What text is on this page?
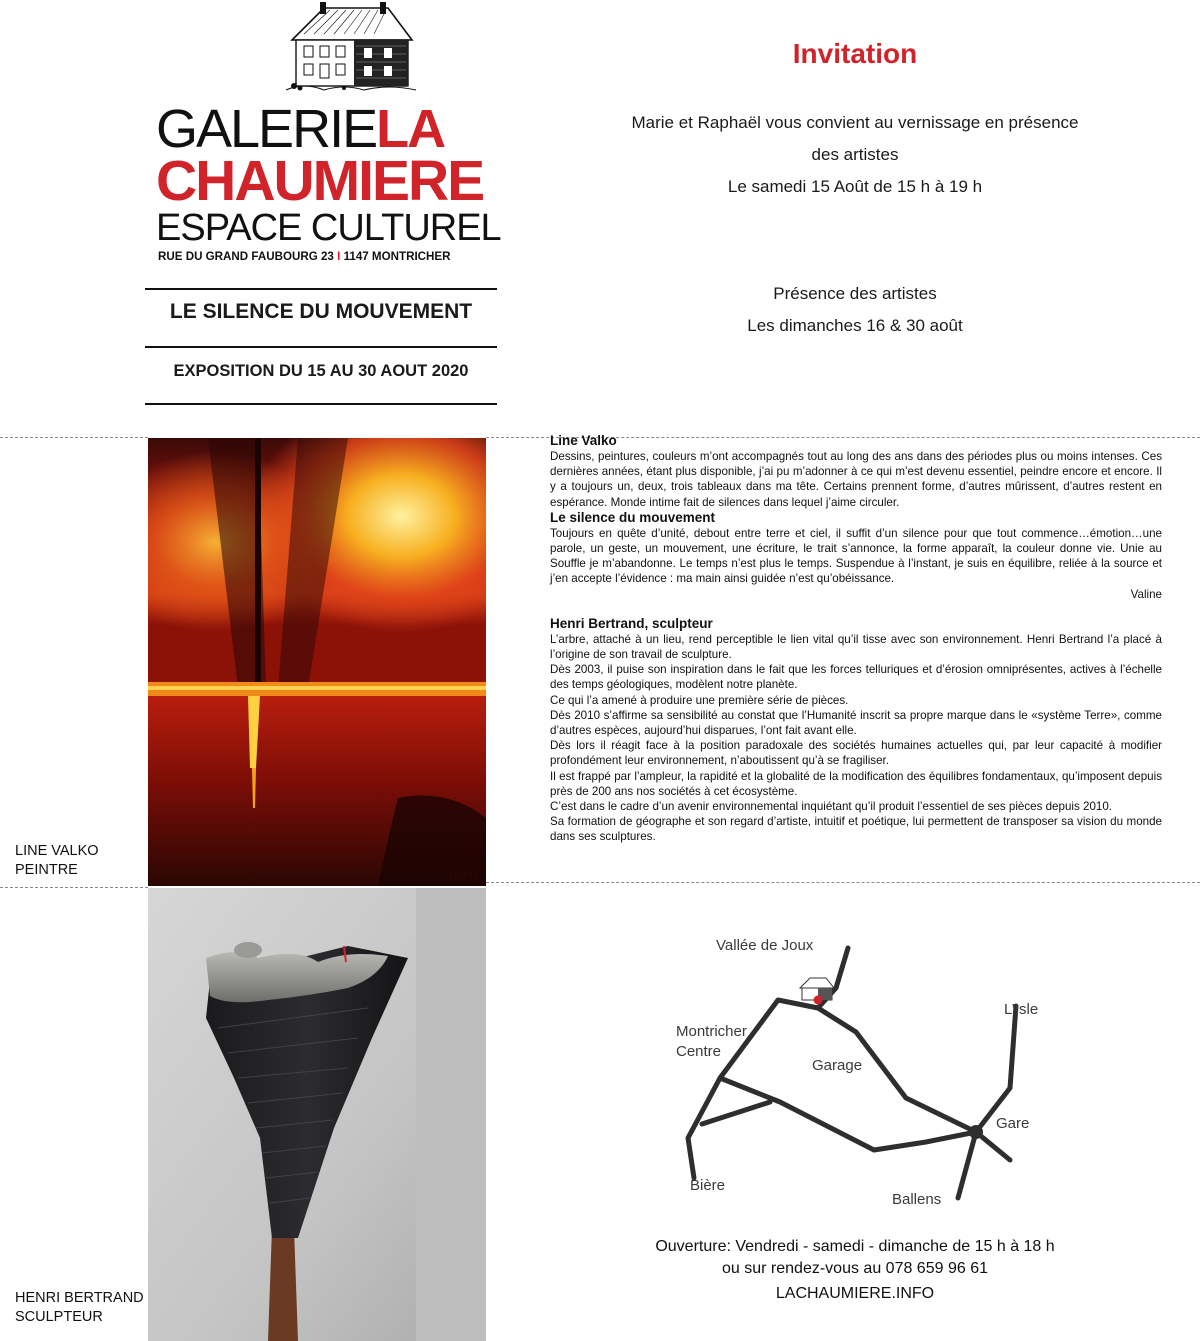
GALERIELA
CHAUMIERE
ESPACE CULTUREL
RUE DU GRAND FAUBOURG 23 I 1147 MONTRICHER
LE SILENCE DU MOUVEMENT
EXPOSITION DU 15 AU 30 AOUT 2020
Invitation
Marie et Raphaël vous convient au vernissage en présence
des artistes
Le samedi 15 Août de 15 h à 19 h
Présence des artistes
Les dimanches 16 & 30 août
Valine
LINE VALKO
PEINTRE
HENRI BERTRAND
SCULPTEUR
Line Valko

Dessins, peintures, couleurs m’ont accompagnés tout au long des ans dans des périodes plus ou moins intenses. Ces dernières années, étant plus disponible, j’ai pu m’adonner à ce qui m’est devenu essentiel, peindre encore et encore. Il y a toujours un, deux, trois tableaux dans ma tête. Certains prennent forme, d’autres mûrissent, d’autres restent en espérance. Monde intime fait de silences dans lequel j’aime circuler.

Le silence du mouvement

Toujours en quête d’unité, debout entre terre et ciel, il suffit d’un silence pour que tout commence…émotion…une parole, un geste, un mouvement, une écriture, le trait s’annonce, la forme apparaît, la couleur donne vie. Unie au Souffle je m’abandonne. Le temps n’est plus le temps. Suspendue à l’instant, je suis en équilibre, reliée à la source et j’en accepte l’évidence : ma main ainsi guidée n’est qu’obéissance.

Valine

Henri Bertrand, sculpteur

L’arbre, attaché à un lieu, rend perceptible le lien vital qu’il tisse avec son environnement. Henri Bertrand l’a placé à l’origine de son travail de sculpture.

Dès 2003, il puise son inspiration dans le fait que les forces telluriques et d’érosion omniprésentes, actives à l’échelle des temps géologiques, modèlent notre planète.

Ce qui l’a amené à produire une première série de pièces.

Dès 2010 s’affirme sa sensibilité au constat que l’Humanité inscrit sa propre marque dans le «système Terre», comme d’autres espèces, aujourd’hui disparues, l’ont fait avant elle.

Dès lors il réagit face à la position paradoxale des sociétés humaines actuelles qui, par leur capacité à modifier profondément leur environnement, n’aboutissent qu’à se fragiliser.

Il est frappé par l’ampleur, la rapidité et la globalité de la modification des équilibres fondamentaux, qu’imposent depuis près de 200 ans nos sociétés à cet écosystème.

C’est dans le cadre d’un avenir environnemental inquiétant qu’il produit l’essentiel de ses pièces depuis 2010.

Sa formation de géographe et son regard d’artiste, intuitif et poétique, lui permettent de transposer sa vision du monde dans ses sculptures.

Vallée de Joux
Montricher
Centre
Garage
L’Isle
Gare
Bière
Ballens
Ouverture: Vendredi - samedi - dimanche de 15 h à 18 h
ou sur rendez-vous au 078 659 96 61
LACHAUMIERE.INFO
